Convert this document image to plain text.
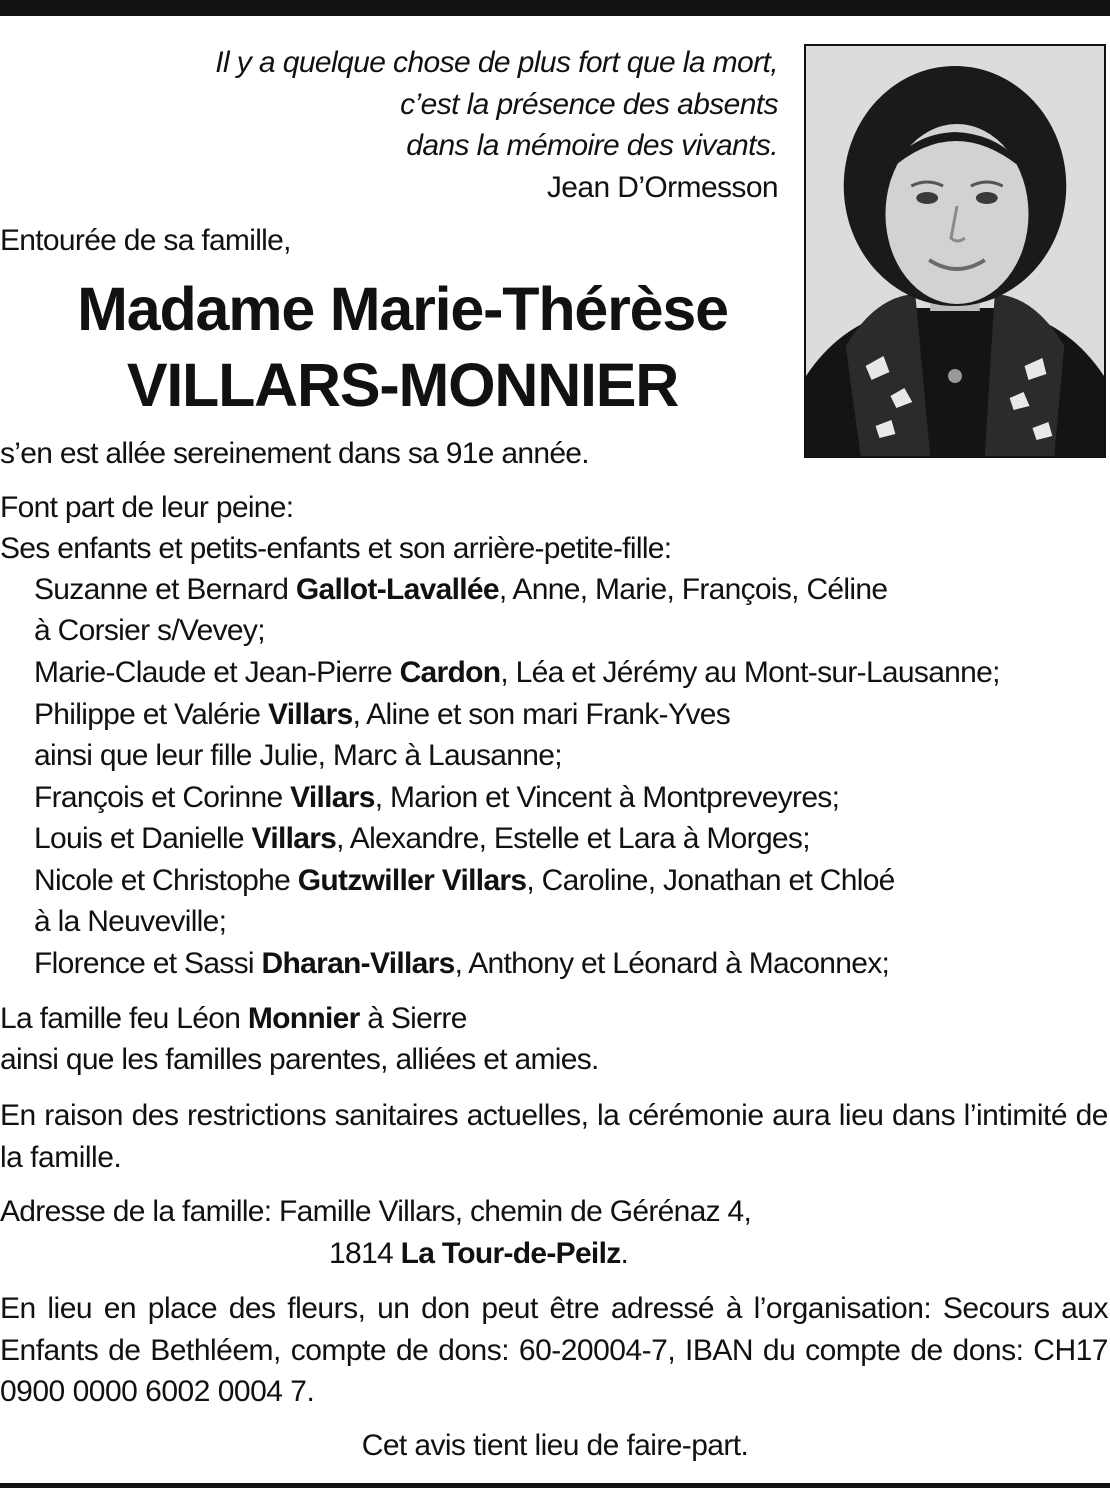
Il y a quelque chose de plus fort que la mort,
c’est la présence des absents
dans la mémoire des vivants.
Jean D’Ormesson
Entourée de sa famille,
Madame Marie-Thérèse
VILLARS-MONNIER
s’en est allée sereinement dans sa 91e année.
Font part de leur peine:
Ses enfants et petits-enfants et son arrière-petite-fille:
Suzanne et Bernard Gallot-Lavallée, Anne, Marie, François, Céline
à Corsier s/Vevey;
Marie-Claude et Jean-Pierre Cardon, Léa et Jérémy au Mont-sur-Lausanne;
Philippe et Valérie Villars, Aline et son mari Frank-Yves
ainsi que leur fille Julie, Marc à Lausanne;
François et Corinne Villars, Marion et Vincent à Montpreveyres;
Louis et Danielle Villars, Alexandre, Estelle et Lara à Morges;
Nicole et Christophe Gutzwiller Villars, Caroline, Jonathan et Chloé
à la Neuveville;
Florence et Sassi Dharan-Villars, Anthony et Léonard à Maconnex;
La famille feu Léon Monnier à Sierre
ainsi que les familles parentes, alliées et amies.
En raison des restrictions sanitaires actuelles, la cérémonie aura lieu dans l’intimité de la famille.
Adresse de la famille: Famille Villars, chemin de Gérénaz 4,
1814 La Tour-de-Peilz.
En lieu en place des fleurs, un don peut être adressé à l’organisation: Secours aux Enfants de Bethléem, compte de dons: 60-20004-7, IBAN du compte de dons: CH17 0900 0000 6002 0004 7.
Cet avis tient lieu de faire-part.
